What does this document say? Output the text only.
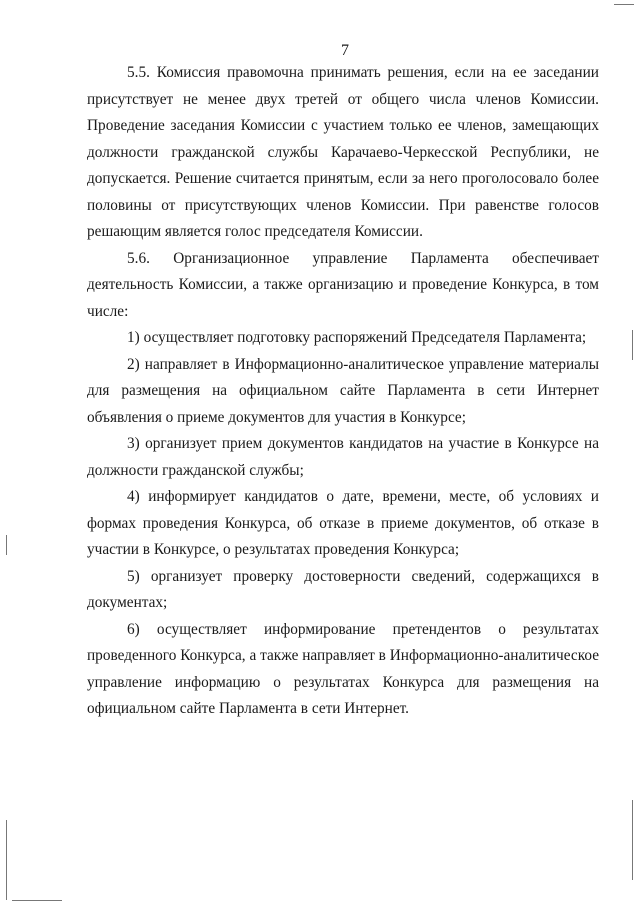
7

5.5. Комиссия правомочна принимать решения, если на ее заседании присутствует не менее двух третей от общего числа членов Комиссии. Проведение заседания Комиссии с участием только ее членов, замещающих должности гражданской службы Карачаево-Черкесской Республики, не допускается. Решение считается принятым, если за него проголосовало более половины от присутствующих членов Комиссии. При равенстве голосов решающим является голос председателя Комиссии.

5.6. Организационное управление Парламента обеспечивает деятельность Комиссии, а также организацию и проведение Конкурса, в том числе:

1) осуществляет подготовку распоряжений Председателя Парламента;

2) направляет в Информационно-аналитическое управление материалы для размещения на официальном сайте Парламента в сети Интернет объявления о приеме документов для участия в Конкурсе;

3) организует прием документов кандидатов на участие в Конкурсе на должности гражданской службы;

4) информирует кандидатов о дате, времени, месте, об условиях и формах проведения Конкурса, об отказе в приеме документов, об отказе в участии в Конкурсе, о результатах проведения Конкурса;

5) организует проверку достоверности сведений, содержащихся в документах;

6) осуществляет информирование претендентов о результатах проведенного Конкурса, а также направляет в Информационно-аналитическое управление информацию о результатах Конкурса для размещения на официальном сайте Парламента в сети Интернет.
